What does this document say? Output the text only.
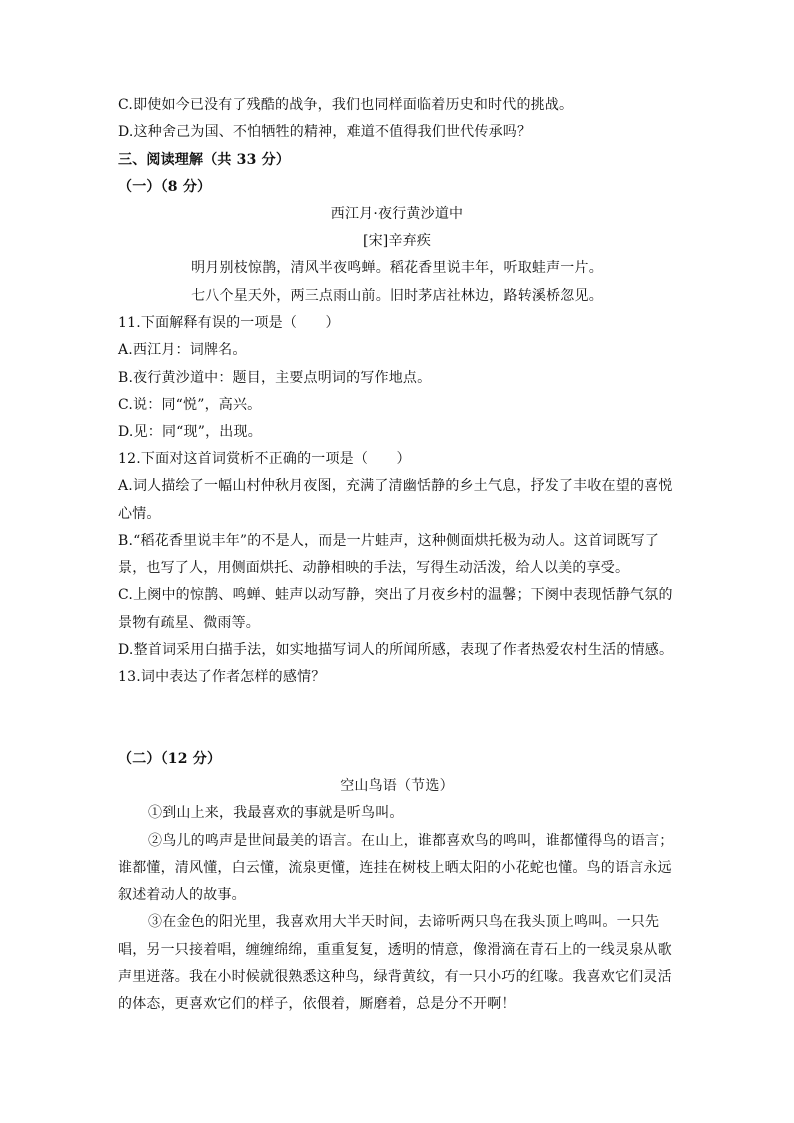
C.即使如今已没有了残酷的战争，我们也同样面临着历史和时代的挑战。
D.这种舍己为国、不怕牺牲的精神，难道不值得我们世代传承吗？
三、阅读理解（共 33 分）
（一）（8 分）
西江月·夜行黄沙道中
[宋]辛弃疾
明月别枝惊鹊，清风半夜鸣蝉。稻花香里说丰年，听取蛙声一片。
七八个星天外，两三点雨山前。旧时茅店社林边，路转溪桥忽见。
11.下面解释有误的一项是（　　）
A.西江月：词牌名。
B.夜行黄沙道中：题目，主要点明词的写作地点。
C.说：同“悦”，高兴。
D.见：同“现”，出现。
12.下面对这首词赏析不正确的一项是（　　）
A.词人描绘了一幅山村仲秋月夜图，充满了清幽恬静的乡土气息，抒发了丰收在望的喜悦
心情。
B.“稻花香里说丰年”的不是人，而是一片蛙声，这种侧面烘托极为动人。这首词既写了
景，也写了人，用侧面烘托、动静相映的手法，写得生动活泼，给人以美的享受。
C.上阕中的惊鹊、鸣蝉、蛙声以动写静，突出了月夜乡村的温馨；下阕中表现恬静气氛的
景物有疏星、微雨等。
D.整首词采用白描手法，如实地描写词人的所闻所感，表现了作者热爱农村生活的情感。
13.词中表达了作者怎样的感情？
（二）（12 分）
空山鸟语（节选）
①到山上来，我最喜欢的事就是听鸟叫。
②鸟儿的鸣声是世间最美的语言。在山上，谁都喜欢鸟的鸣叫，谁都懂得鸟的语言；
谁都懂，清风懂，白云懂，流泉更懂，连挂在树枝上晒太阳的小花蛇也懂。鸟的语言永远
叙述着动人的故事。
③在金色的阳光里，我喜欢用大半天时间，去谛听两只鸟在我头顶上鸣叫。一只先
唱，另一只接着唱，缠缠绵绵，重重复复，透明的情意，像滑滴在青石上的一线灵泉从歌
声里迸落。我在小时候就很熟悉这种鸟，绿背黄纹，有一只小巧的红喙。我喜欢它们灵活
的体态，更喜欢它们的样子，依偎着，厮磨着，总是分不开啊！
